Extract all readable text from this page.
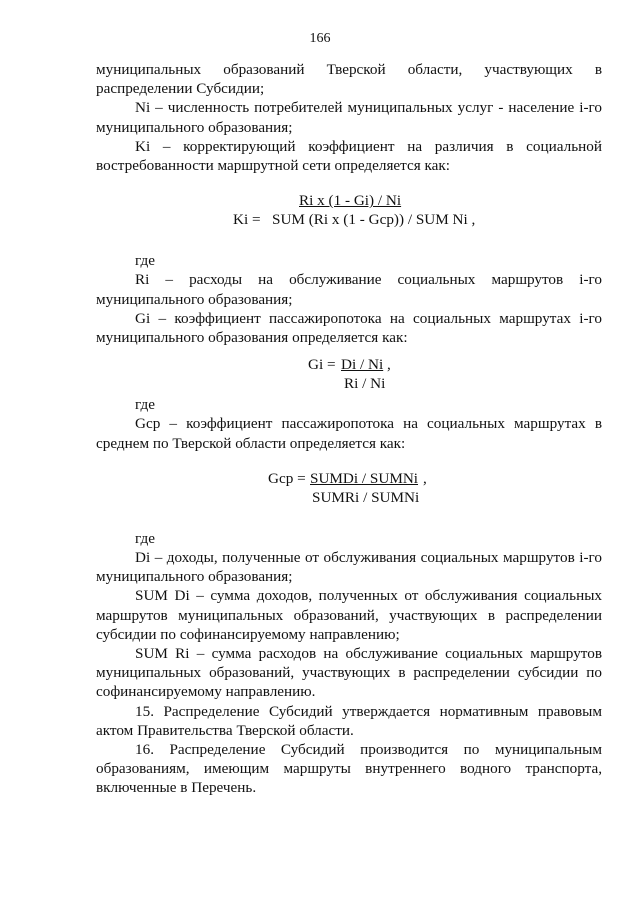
166

муниципальных образований Тверской области, участвующих в распределении Субсидии;

Ni – численность потребителей муниципальных услуг - население i-го муниципального образования;

Ki – корректирующий коэффициент на различия в социальной востребованности маршрутной сети определяется как:

Ri x (1 - Gi) / Ni
Ki = SUM (Ri x (1 - Gcp)) / SUM Ni ,

где

Ri – расходы на обслуживание социальных маршрутов i-го муниципального образования;

Gi – коэффициент пассажиропотока на социальных маршрутах i-го муниципального образования определяется как:

Gi = Di / Ni ,
Ri / Ni

где

Gcp – коэффициент пассажиропотока на социальных маршрутах в среднем по Тверской области определяется как:

Gcp = SUMDi / SUMNi ,
SUMRi / SUMNi

где

Di – доходы, полученные от обслуживания социальных маршрутов i-го муниципального образования;

SUM Di – сумма доходов, полученных от обслуживания социальных маршрутов муниципальных образований, участвующих в распределении субсидии по софинансируемому направлению;

SUM Ri – сумма расходов на обслуживание социальных маршрутов муниципальных образований, участвующих в распределении субсидии по софинансируемому направлению.

15. Распределение Субсидий утверждается нормативным правовым актом Правительства Тверской области.

16. Распределение Субсидий производится по муниципальным образованиям, имеющим маршруты внутреннего водного транспорта, включенные в Перечень.
